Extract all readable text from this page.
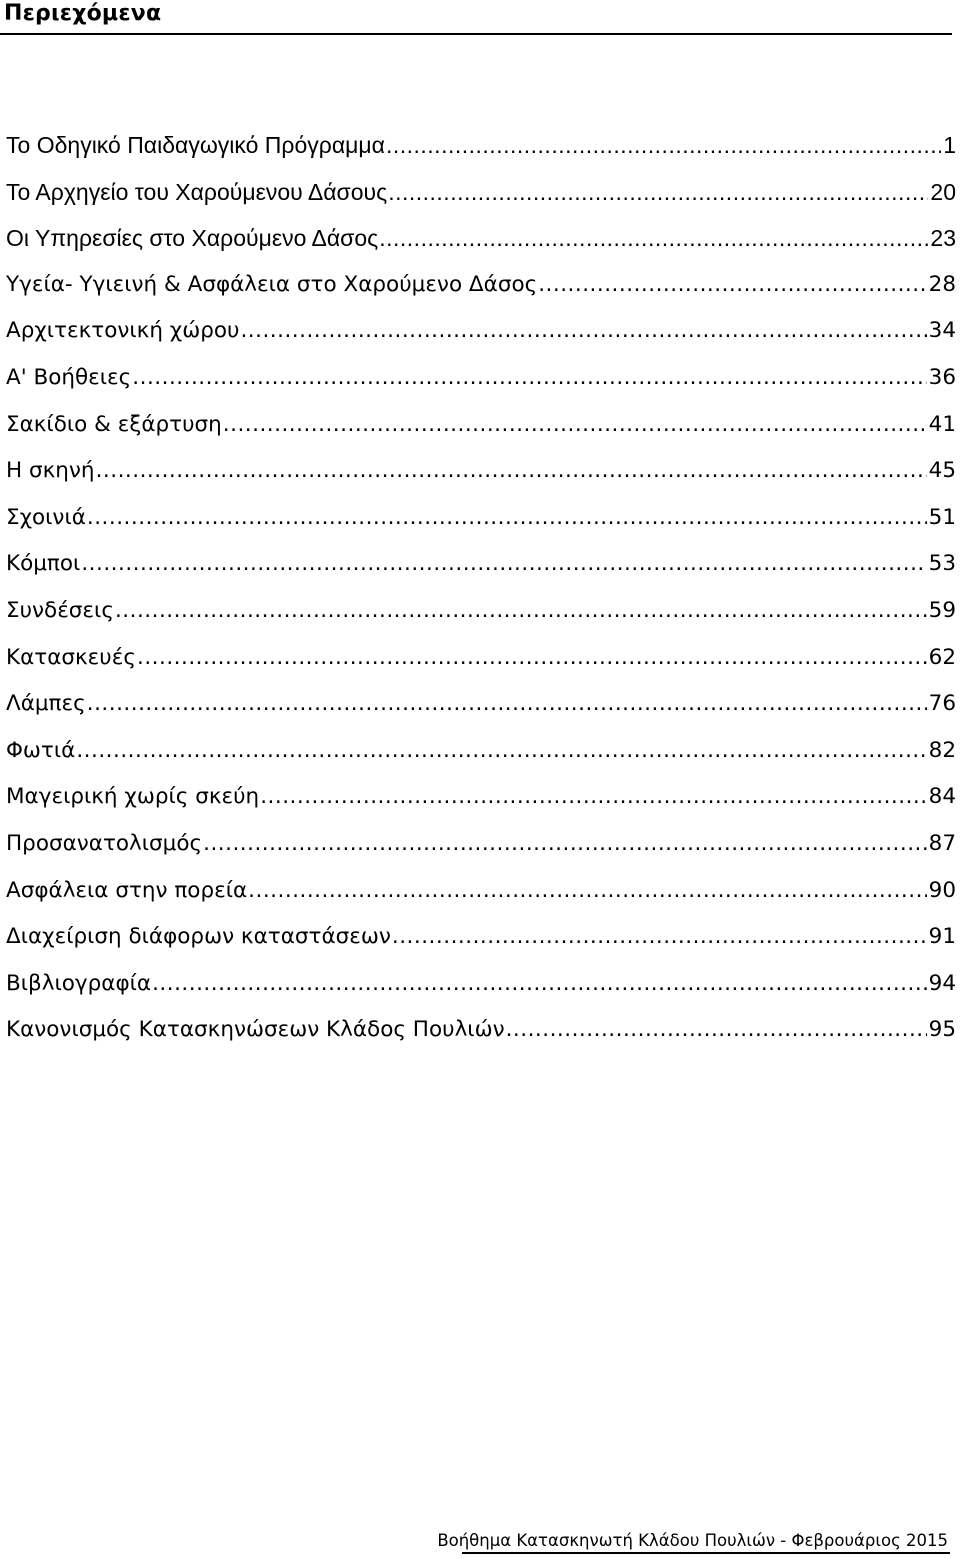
Περιεχόμενα
Το Οδηγικό Παιδαγωγικό Πρόγραμμα .....	1
Το Αρχηγείο του Χαρούμενου Δάσους .....	20
Οι Υπηρεσίες στο Χαρούμενο Δάσος .....	23
Υγεία- Υγιεινή & Ασφάλεια στο Χαρούμενο Δάσος .....	28
Αρχιτεκτονική χώρου .....	34
Α' Βοήθειες .....	36
Σακίδιο & εξάρτυση .....	41
Η σκηνή .....	45
Σχοινιά .....	51
Κόμποι .....	53
Συνδέσεις .....	59
Κατασκευές .....	62
Λάμπες .....	76
Φωτιά .....	82
Μαγειρική χωρίς σκεύη .....	84
Προσανατολισμός .....	87
Ασφάλεια στην πορεία .....	90
Διαχείριση διάφορων καταστάσεων .....	91
Βιβλιογραφία .....	94
Κανονισμός Κατασκηνώσεων Κλάδος Πουλιών .....	95
Βοήθημα Κατασκηνωτή Κλάδου Πουλιών - Φεβρουάριος 2015
